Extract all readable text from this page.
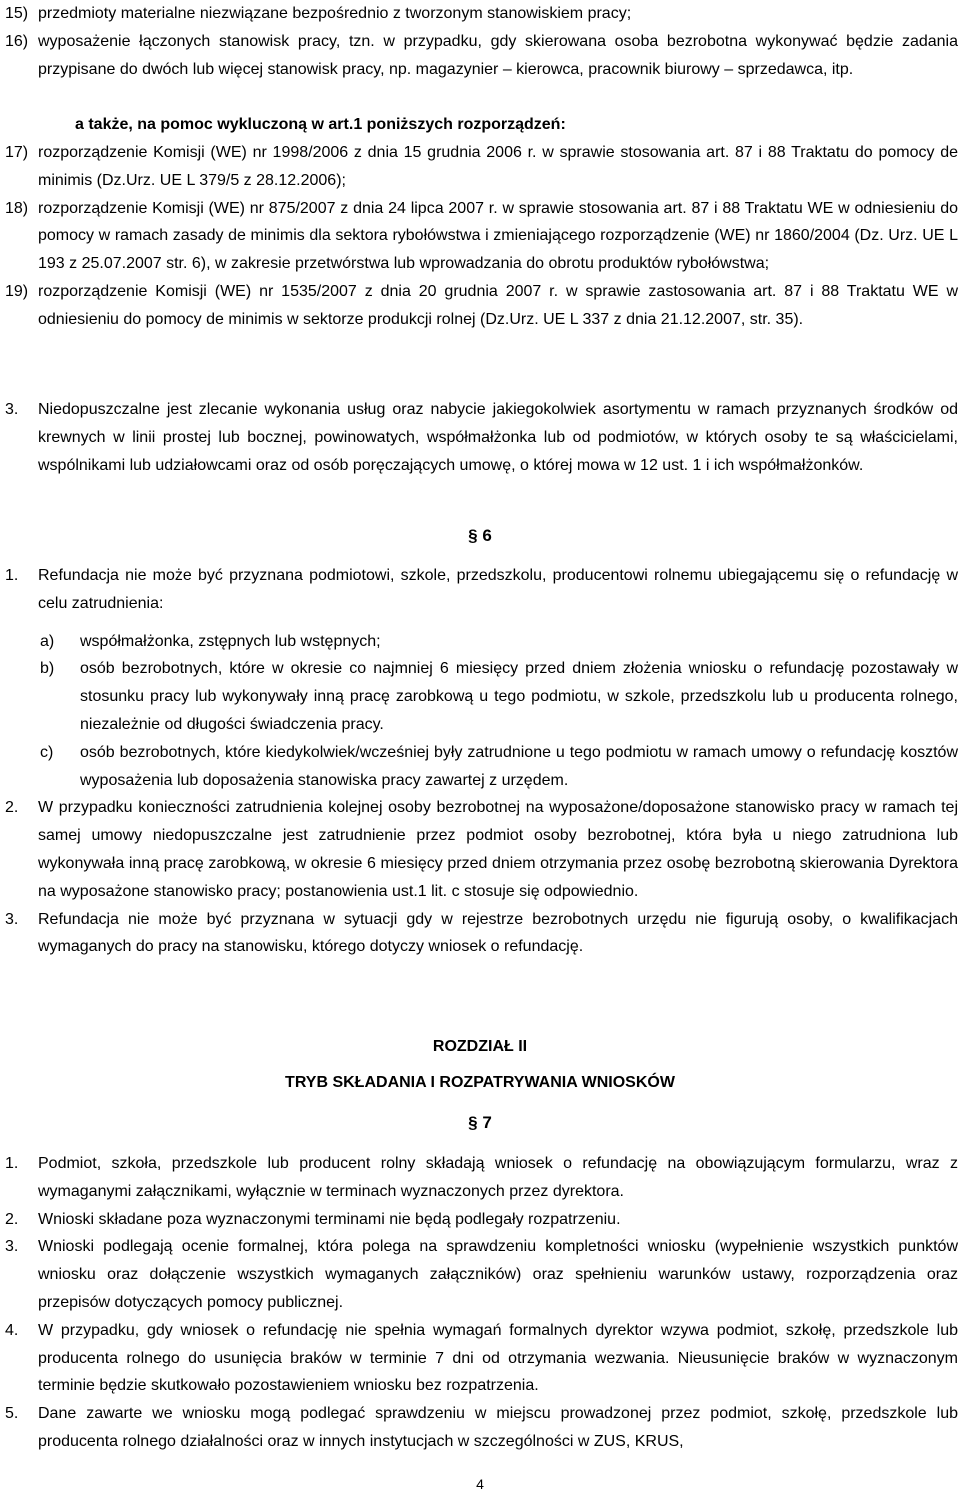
15) przedmioty materialne niezwiązane bezpośrednio z tworzonym stanowiskiem pracy;
16) wyposażenie łączonych stanowisk pracy, tzn. w przypadku, gdy skierowana osoba bezrobotna wykonywać będzie zadania przypisane do dwóch lub więcej stanowisk pracy, np. magazynier – kierowca, pracownik biurowy – sprzedawca, itp.
a także, na pomoc wykluczoną w art.1 poniższych rozporządzeń:
17) rozporządzenie Komisji (WE) nr 1998/2006 z dnia 15 grudnia 2006 r. w sprawie stosowania art. 87 i 88 Traktatu do pomocy de minimis (Dz.Urz. UE L 379/5 z 28.12.2006);
18) rozporządzenie Komisji (WE) nr 875/2007 z dnia 24 lipca 2007 r. w sprawie stosowania art. 87 i 88 Traktatu WE w odniesieniu do pomocy w ramach zasady de minimis dla sektora rybołówstwa i zmieniającego rozporządzenie (WE) nr 1860/2004 (Dz. Urz. UE L 193 z 25.07.2007 str. 6), w zakresie przetwórstwa lub wprowadzania do obrotu produktów rybołówstwa;
19) rozporządzenie Komisji (WE) nr 1535/2007 z dnia 20 grudnia 2007 r. w sprawie zastosowania art. 87 i 88 Traktatu WE w odniesieniu do pomocy de minimis w sektorze produkcji rolnej (Dz.Urz. UE L 337 z dnia 21.12.2007, str. 35).
3.	Niedopuszczalne jest zlecanie wykonania usług oraz nabycie jakiegokolwiek asortymentu w ramach przyznanych środków od krewnych w linii prostej lub bocznej, powinowatych, współmałżonka lub od podmiotów, w których osoby te są właścicielami, wspólnikami lub udziałowcami oraz od osób poręczających umowę, o której mowa w 12 ust. 1 i ich współmałżonków.
§ 6
1.	Refundacja nie może być przyznana podmiotowi, szkole, przedszkolu, producentowi rolnemu ubiegającemu się o refundację w celu zatrudnienia:
a)	współmałżonka, zstępnych lub wstępnych;
b)	osób bezrobotnych, które w okresie co najmniej 6 miesięcy przed dniem złożenia wniosku o refundację pozostawały w stosunku pracy lub wykonywały inną pracę zarobkową u tego podmiotu, w szkole, przedszkolu lub u producenta rolnego, niezależnie od długości świadczenia pracy.
c)	osób bezrobotnych, które kiedykolwiek/wcześniej były zatrudnione u tego podmiotu w ramach umowy o refundację kosztów wyposażenia lub doposażenia stanowiska pracy zawartej z urzędem.
2.	W przypadku konieczności zatrudnienia kolejnej osoby bezrobotnej na wyposażone/doposażone stanowisko pracy w ramach tej samej umowy niedopuszczalne jest zatrudnienie przez podmiot osoby bezrobotnej, która była u niego zatrudniona lub wykonywała inną pracę zarobkową, w okresie 6 miesięcy przed dniem otrzymania przez osobę bezrobotną skierowania Dyrektora na wyposażone stanowisko pracy; postanowienia ust.1 lit. c stosuje się odpowiednio.
3.	Refundacja nie może być przyznana w sytuacji gdy w rejestrze bezrobotnych urzędu nie figurują osoby, o kwalifikacjach wymaganych do pracy na stanowisku, którego dotyczy wniosek o refundację.
ROZDZIAŁ II
TRYB SKŁADANIA I ROZPATRYWANIA WNIOSKÓW
§ 7
1.	Podmiot, szkoła, przedszkole lub producent rolny składają wniosek o refundację na obowiązującym formularzu, wraz z wymaganymi załącznikami, wyłącznie w terminach wyznaczonych przez dyrektora.
2.	Wnioski składane poza wyznaczonymi terminami nie będą podlegały rozpatrzeniu.
3.	Wnioski podlegają ocenie formalnej, która polega na sprawdzeniu kompletności wniosku (wypełnienie wszystkich punktów wniosku oraz dołączenie wszystkich wymaganych załączników) oraz spełnieniu warunków ustawy, rozporządzenia oraz przepisów dotyczących pomocy publicznej.
4.	W przypadku, gdy wniosek o refundację nie spełnia wymagań formalnych dyrektor wzywa podmiot, szkołę, przedszkole lub producenta rolnego do usunięcia braków w terminie 7 dni od otrzymania wezwania. Nieusunięcie braków w wyznaczonym terminie będzie skutkowało pozostawieniem wniosku bez rozpatrzenia.
5.	Dane zawarte we wniosku mogą podlegać sprawdzeniu w miejscu prowadzonej przez podmiot, szkołę, przedszkole lub producenta rolnego działalności oraz w innych instytucjach w szczególności w ZUS, KRUS,
4
